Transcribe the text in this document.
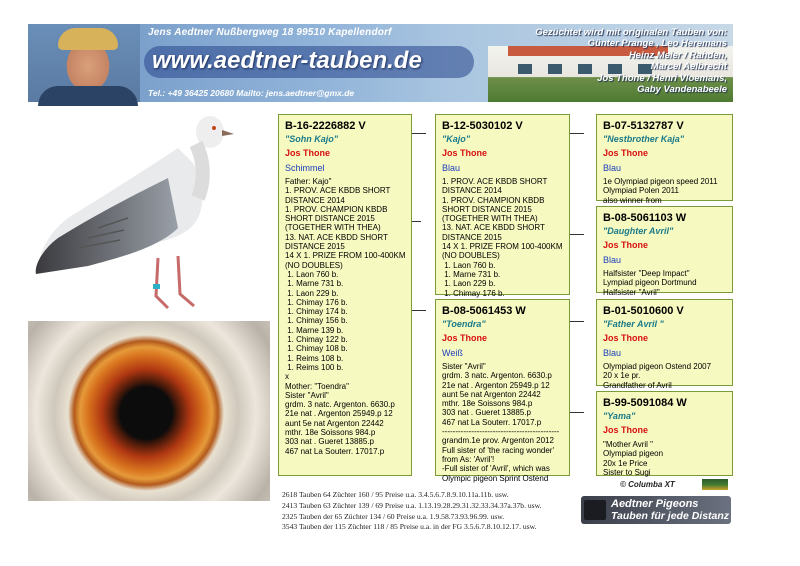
Jens Aedtner Nußbergweg 18 99510 Kapellendorf
www.aedtner-tauben.de
Tel.: +49 36425 20680 Mailto: jens.aedtner@gmx.de
Gezüchtet wird mit originalen Tauben von:
Günter Prange , Leo Heremans
Heinz Meier / Rahden,
Marcel Aelbrecht
Jos Thone / Henri Vloemans,
Gaby Vandenabeele
B-16-2226882 V
"Sohn Kajo"
Jos Thone
Schimmel
Father: Kajo"
1. PROV. ACE KBDB SHORT
DISTANCE 2014
1. PROV. CHAMPION KBDB
SHORT DISTANCE 2015
(TOGETHER WITH THEA)
13. NAT. ACE KBDD SHORT
DISTANCE 2015
14 X 1. PRIZE FROM 100-400KM
(NO DOUBLES)
1. Laon 760 b.
1. Marne 731 b.
1. Laon 229 b.
1. Chimay 176 b.
1. Chimay 174 b.
1. Chimay 156 b.
1. Marne 139 b.
1. Chimay 122 b.
1. Chimay 108 b.
1. Reims 108 b.
1. Reims 100 b.
x
Mother: "Toendra"
Sister "Avril"
grdm. 3 natc. Argenton. 6630.p
21e nat . Argenton 25949.p 12
aunt 5e nat Argenton 22442
mthr. 18e Soissons 984.p
303 nat . Gueret 13885.p
467 nat La Souterr. 17017.p
B-12-5030102 V
"Kajo"
Jos Thone
Blau
1. PROV. ACE KBDB SHORT
DISTANCE 2014
1. PROV. CHAMPION KBDB
SHORT DISTANCE 2015
(TOGETHER WITH THEA)
13. NAT. ACE KBDD SHORT
DISTANCE 2015
14 X 1. PRIZE FROM 100-400KM
(NO DOUBLES)
1. Laon 760 b.
1. Marne 731 b.
1. Laon 229 b.
1. Chimay 176 b.
B-08-5061453 W
"Toendra"
Jos Thone
Weiß
Sister "Avril"
grdm. 3 natc. Argenton. 6630.p
21e nat . Argenton 25949.p 12
aunt 5e nat Argenton 22442
mthr. 18e Soissons 984.p
303 nat . Gueret 13885.p
467 nat La Souterr. 17017.p
--------------------------------------------
grandm.1e prov. Argenton 2012
Full sister of 'the racing wonder'
from As: 'Avril'!
-Full sister of 'Avril', which was
Olympic pigeon Sprint Ostend
B-07-5132787 V
"Nestbrother Kaja"
Jos Thone
Blau
1e Olympiad pigeon speed 2011
Olympiad Polen 2011
also winner from
B-08-5061103 W
"Daughter Avril"
Jos Thone
Blau
Halfsister "Deep Impact"
Lympiad pigeon Dortmund
Halfsister "Avril"
B-01-5010600 V
"Father Avril "
Jos Thone
Blau
Olympiad pigeon Ostend 2007
20 x 1e pr.
Grandfather of Avril
B-99-5091084 W
"Yama"
Jos Thone
"Mother Avril "
Olympiad pigeon
20x 1e Price
Sister to Sugi
© Columba XT
2618 Tauben 64 Züchter 160 / 95 Preise u.a. 3.4.5.6.7.8.9.10.11a.11b. usw.
2413 Tauben 63 Züchter 139 / 69 Preise u.a. 1.13.19.28.29.31.32.33.34.37a.37b. usw.
2325 Tauben der 65 Züchter 134 / 60 Preise u.a. 1.9.58.73.93.96.99. usw.
3543 Tauben der 115 Züchter 118 / 85 Preise u.a. in der FG 3.5.6.7.8.10.12.17. usw.
Aedtner Pigeons
Tauben für jede Distanz
